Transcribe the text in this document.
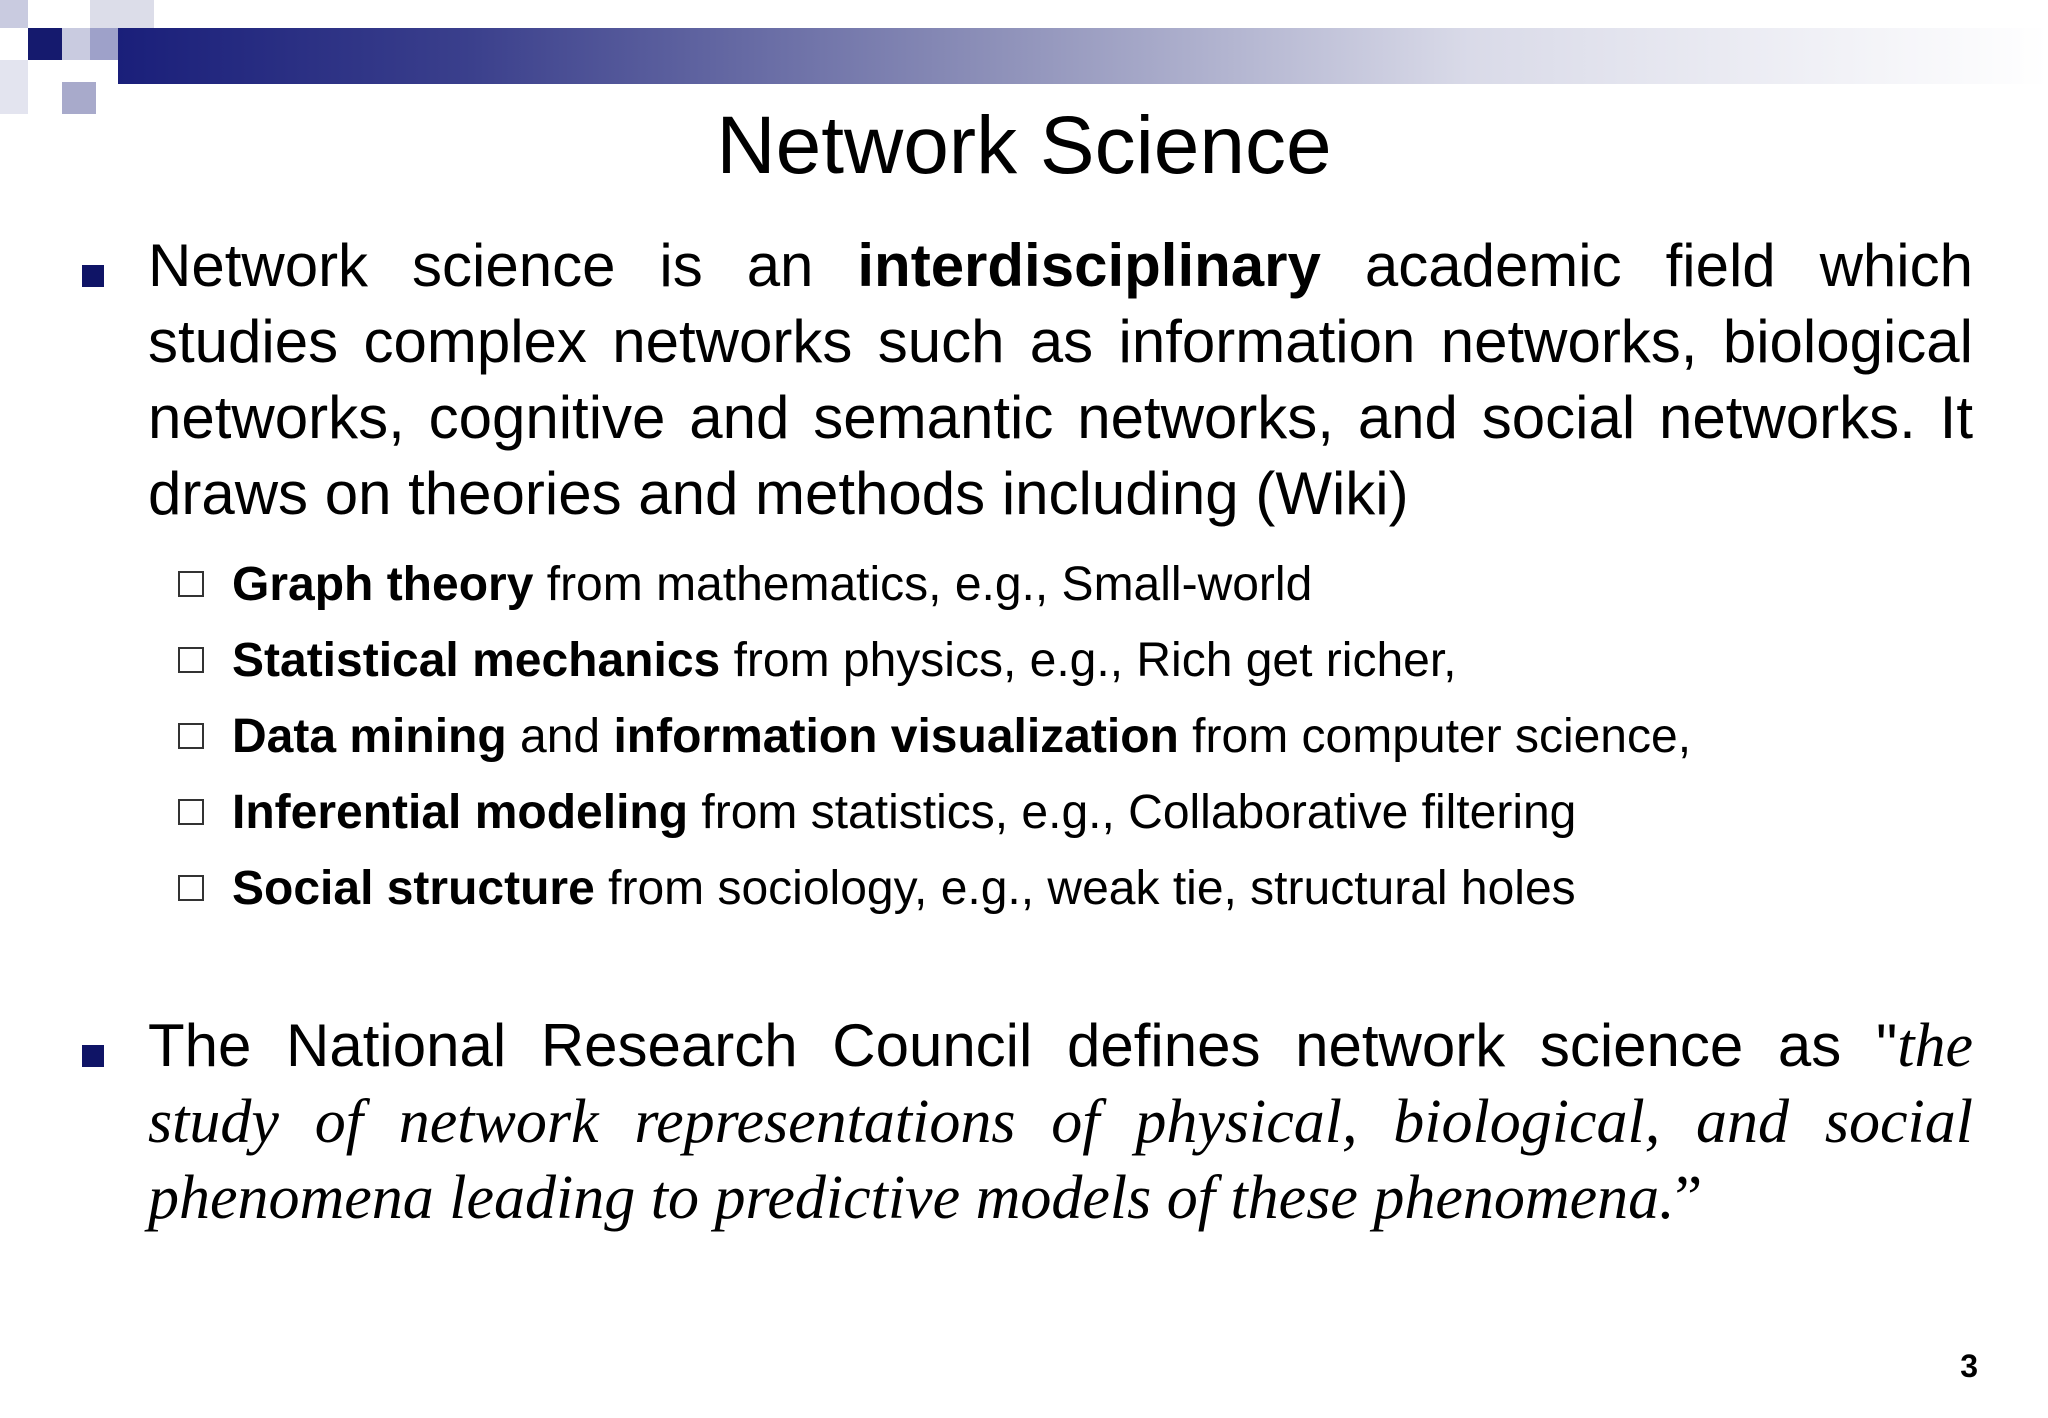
Network Science

Network science is an interdisciplinary academic field which studies complex networks such as information networks, biological networks, cognitive and semantic networks, and social networks. It draws on theories and methods including (Wiki)

Graph theory from mathematics, e.g., Small-world

Statistical mechanics from physics, e.g., Rich get richer,

Data mining and information visualization from computer science,

Inferential modeling from statistics, e.g., Collaborative filtering

Social structure from sociology, e.g., weak tie, structural holes

The National Research Council defines network science as "the study of network representations of physical, biological, and social phenomena leading to predictive models of these phenomena.”

3
